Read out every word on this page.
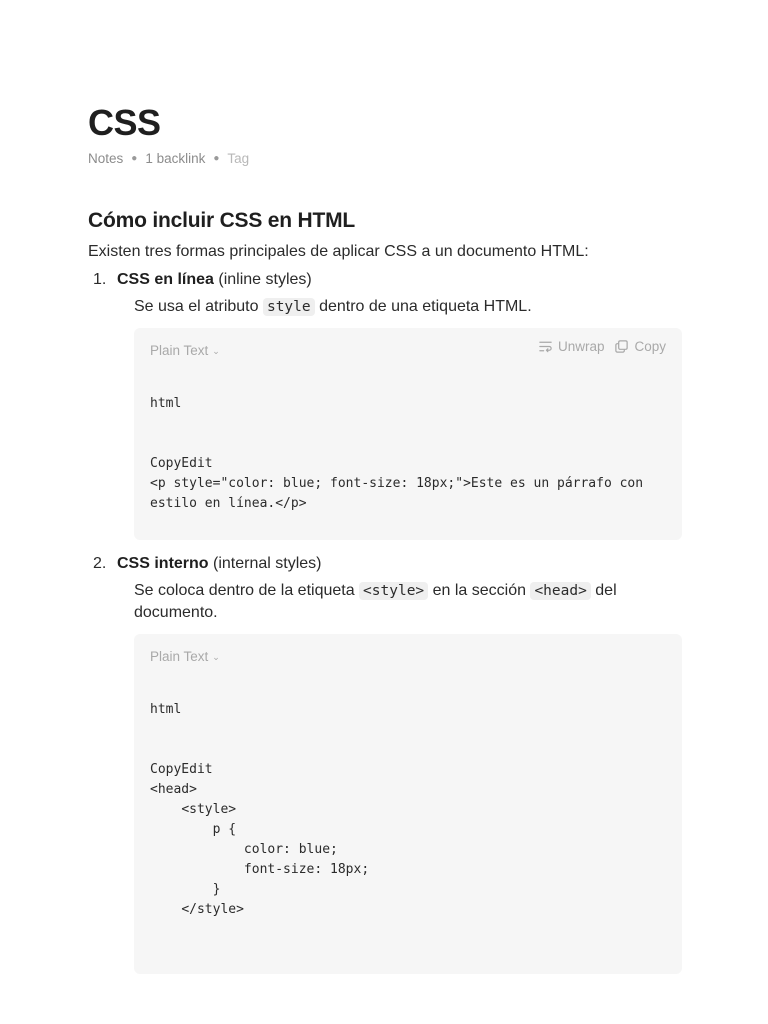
CSS
Notes ● 1 backlink ● Tag
Cómo incluir CSS en HTML

Existen tres formas principales de aplicar CSS a un documento HTML:

1. CSS en línea (inline styles)

Se usa el atributo style dentro de una etiqueta HTML.

Plain Text ⌄	Unwrap Copy
html

CopyEdit
<p style="color: blue; font-size: 18px;">Este es un párrafo con estilo en línea.</p>
2. CSS interno (internal styles)

Se coloca dentro de la etiqueta <style> en la sección <head> del documento.

Plain Text ⌄
html

CopyEdit
<head>
<style>
p {
color: blue;
font-size: 18px;
}
</style>
